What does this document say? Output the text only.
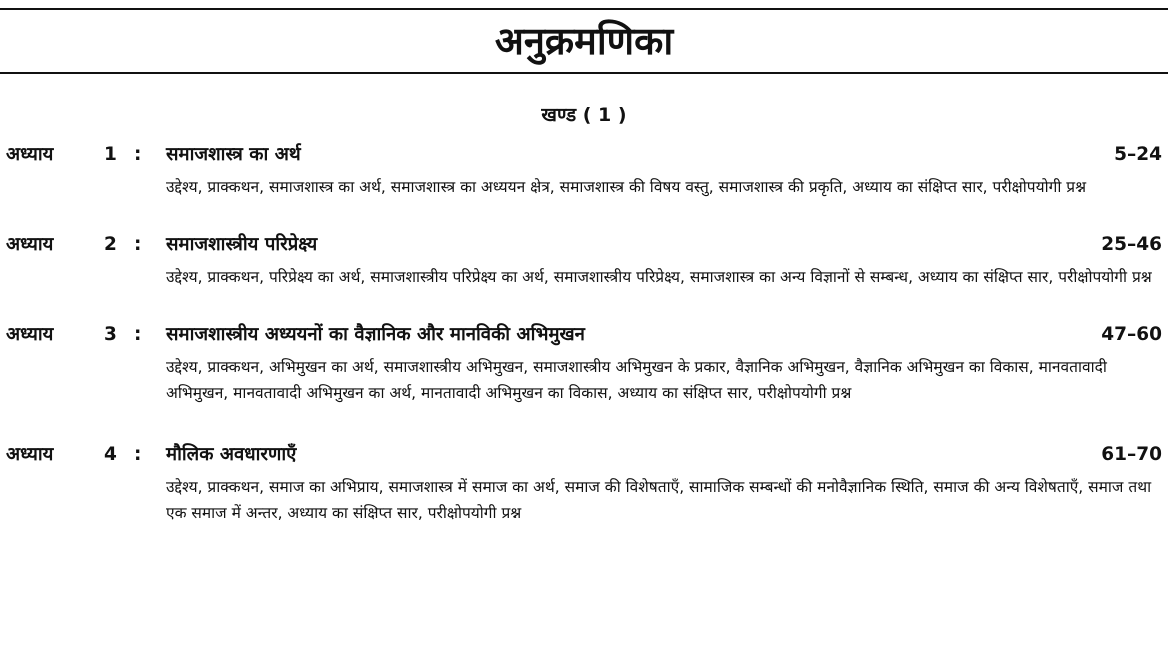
अनुक्रमणिका
खण्ड ( 1 )
अध्याय	1 : समाजशास्त्र का अर्थ	5–24
उद्देश्य, प्राक्कथन, समाजशास्त्र का अर्थ, समाजशास्त्र का अध्ययन क्षेत्र, समाजशास्त्र की विषय वस्तु, समाजशास्त्र की प्रकृति, अध्याय का संक्षिप्त सार, परीक्षोपयोगी प्रश्न
अध्याय	2 : समाजशास्त्रीय परिप्रेक्ष्य	25–46
उद्देश्य, प्राक्कथन, परिप्रेक्ष्य का अर्थ, समाजशास्त्रीय परिप्रेक्ष्य का अर्थ, समाजशास्त्रीय परिप्रेक्ष्य, समाजशास्त्र का अन्य विज्ञानों से सम्बन्ध, अध्याय का संक्षिप्त सार, परीक्षोपयोगी प्रश्न
अध्याय	3 : समाजशास्त्रीय अध्ययनों का वैज्ञानिक और मानविकी अभिमुखन	47–60
उद्देश्य, प्राक्कथन, अभिमुखन का अर्थ, समाजशास्त्रीय अभिमुखन, समाजशास्त्रीय अभिमुखन के प्रकार, वैज्ञानिक अभिमुखन, वैज्ञानिक अभिमुखन का विकास, मानवतावादी अभिमुखन, मानवतावादी अभिमुखन का अर्थ, मानतावादी अभिमुखन का विकास, अध्याय का संक्षिप्त सार, परीक्षोपयोगी प्रश्न
अध्याय	4 : मौलिक अवधारणाएँ	61–70
उद्देश्य, प्राक्कथन, समाज का अभिप्राय, समाजशास्त्र में समाज का अर्थ, समाज की विशेषताएँ, सामाजिक सम्बन्धों की मनोवैज्ञानिक स्थिति, समाज की अन्य विशेषताएँ, समाज तथा एक समाज में अन्तर, अध्याय का संक्षिप्त सार, परीक्षोपयोगी प्रश्न
